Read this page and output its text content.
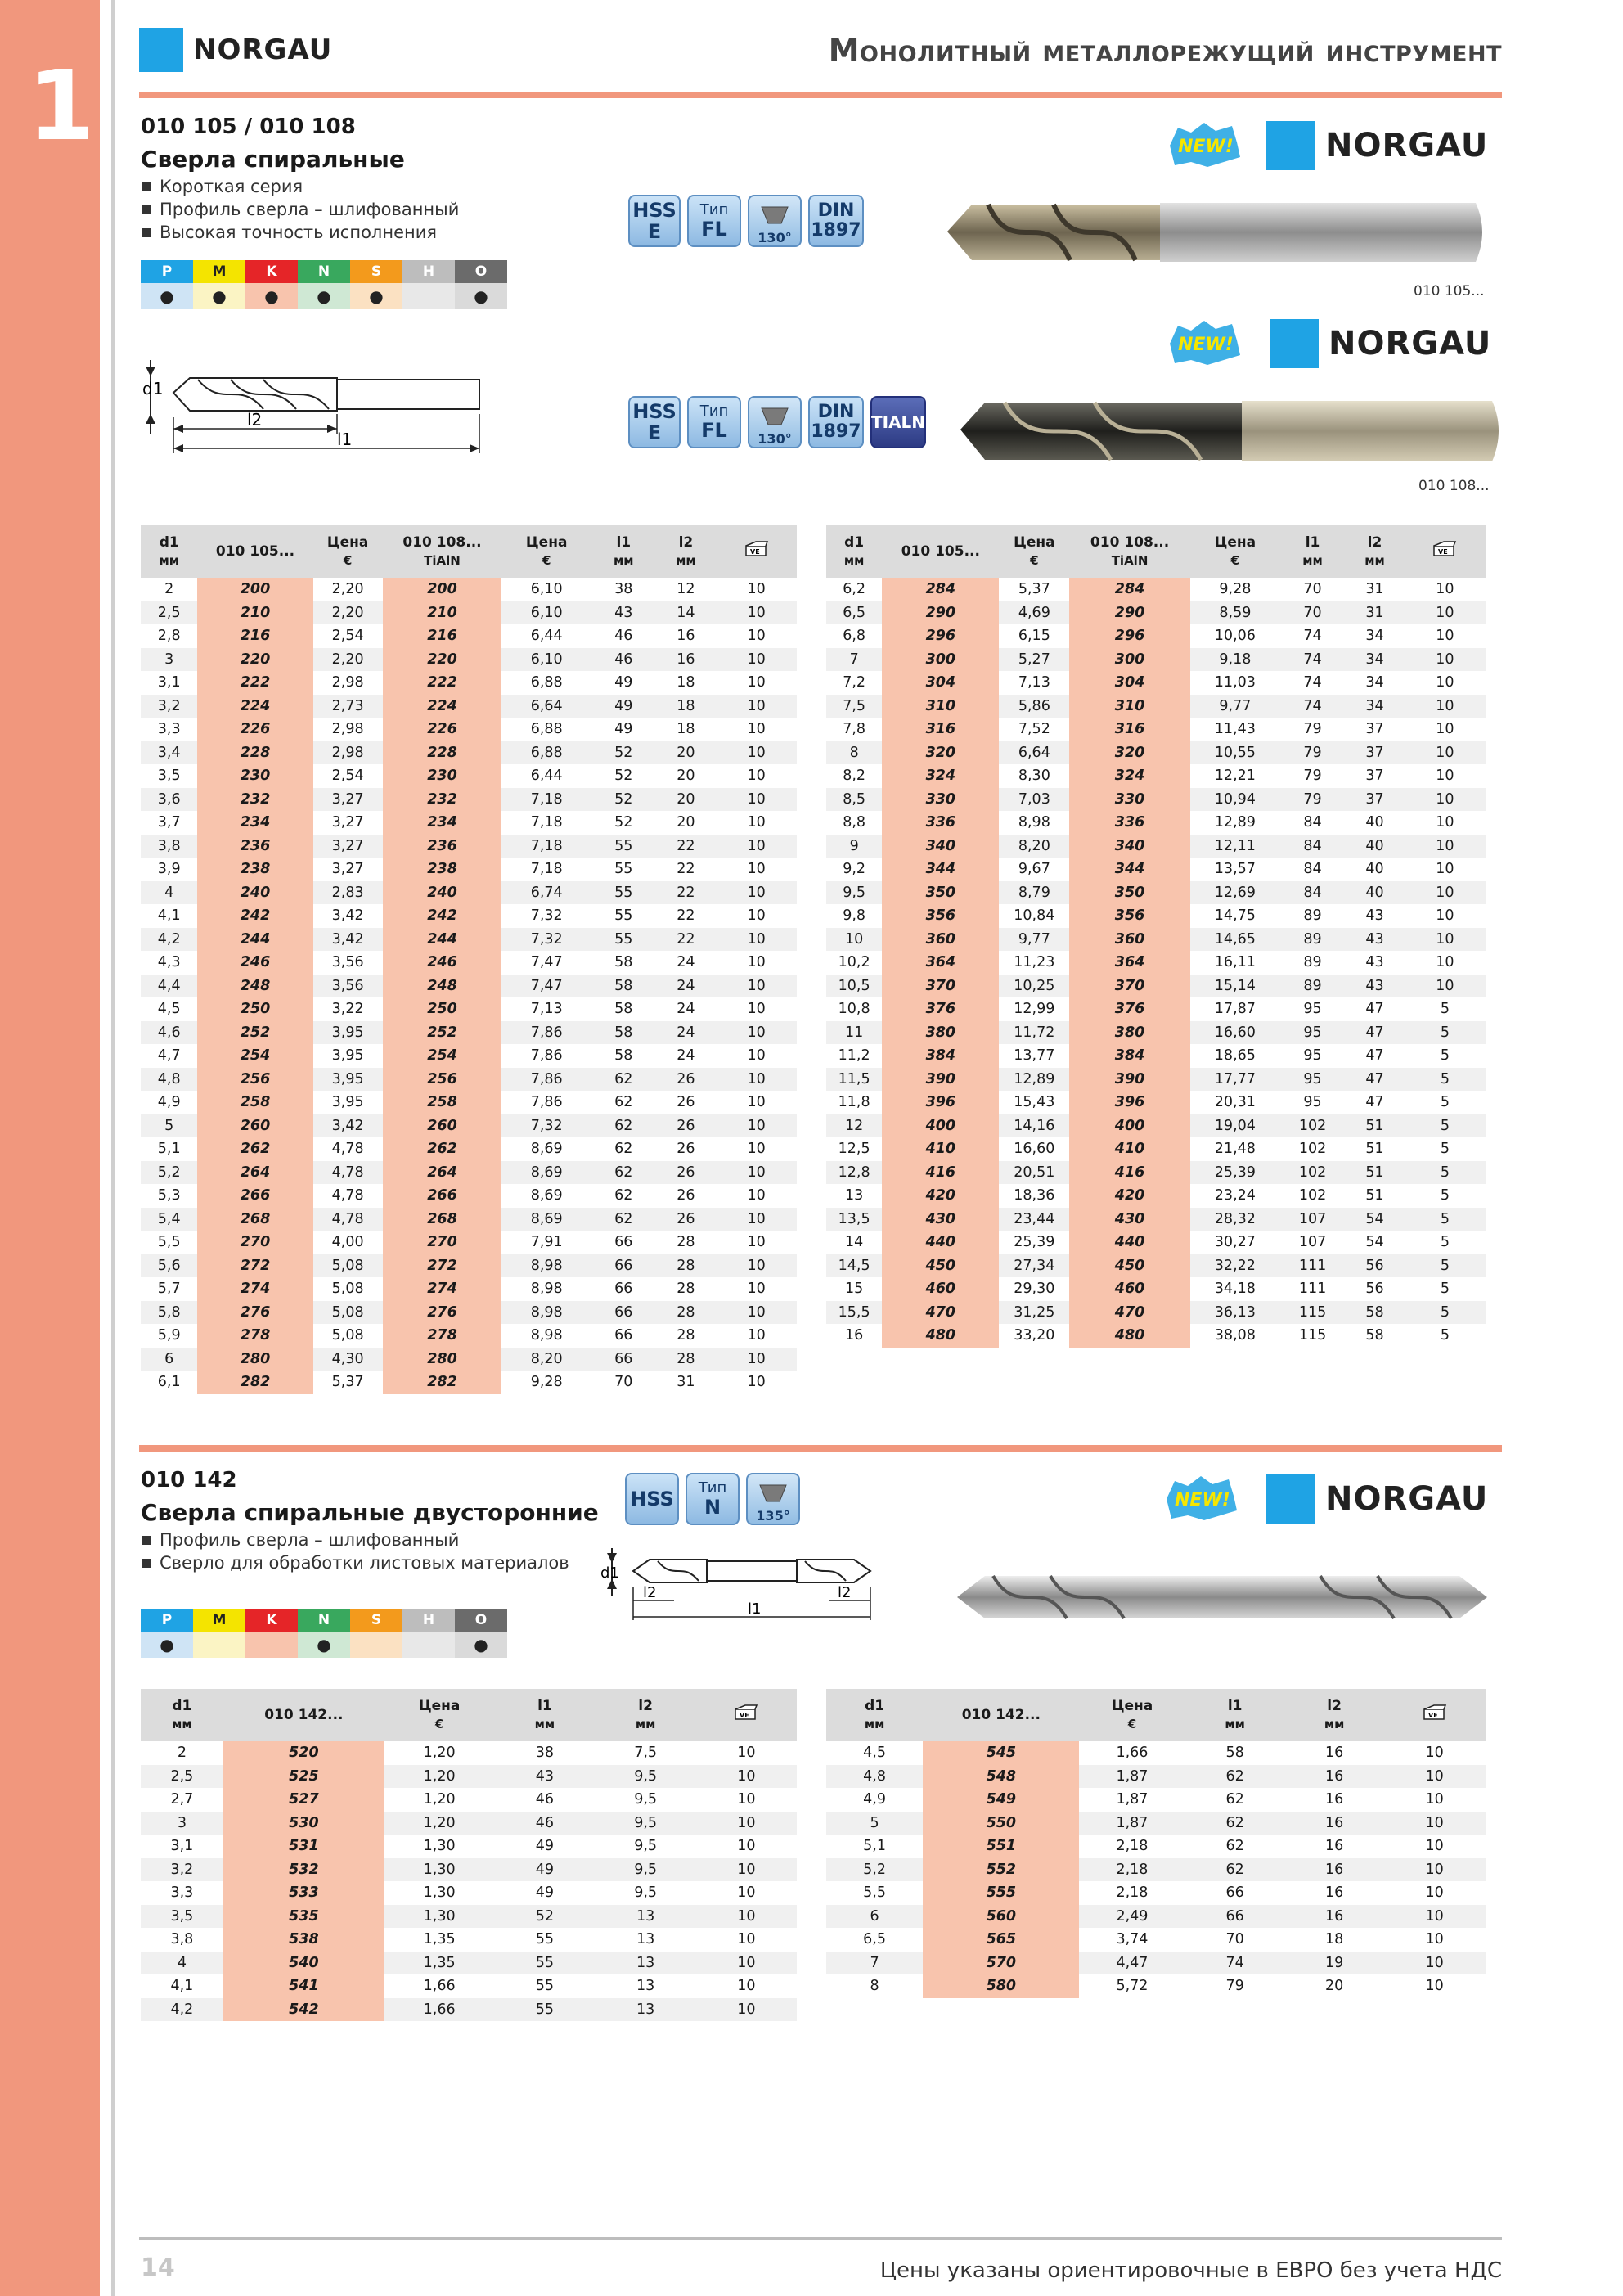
1	NORGAU	Монолитный металлорежущий инструмент
010 105 / 010 108
Сверла спиральные
Короткая серия
Профиль сверла – шлифованный
Высокая точность исполнения
P	M	K	N	S	H	O
●	●	●	●	●		●
d1
l2
l1
HSS
E
Тип
FL 130°
DIN
1897
NEW!	NORGAU
010 105...
HSS
E
Тип
FL 130°
DIN
1897 TIALN
NEW!	NORGAU
010 108...
d1
мм	010 105...	Цена
€	010 108...
TiAlN	Цена
€	l1
мм	l2
мм	VE

2	200	2,20	200	6,10	38	12	10
2,5	210	2,20	210	6,10	43	14	10
2,8	216	2,54	216	6,44	46	16	10
3	220	2,20	220	6,10	46	16	10
3,1	222	2,98	222	6,88	49	18	10
3,2	224	2,73	224	6,64	49	18	10
3,3	226	2,98	226	6,88	49	18	10
3,4	228	2,98	228	6,88	52	20	10
3,5	230	2,54	230	6,44	52	20	10
3,6	232	3,27	232	7,18	52	20	10
3,7	234	3,27	234	7,18	52	20	10
3,8	236	3,27	236	7,18	55	22	10
3,9	238	3,27	238	7,18	55	22	10
4	240	2,83	240	6,74	55	22	10
4,1	242	3,42	242	7,32	55	22	10
4,2	244	3,42	244	7,32	55	22	10
4,3	246	3,56	246	7,47	58	24	10
4,4	248	3,56	248	7,47	58	24	10
4,5	250	3,22	250	7,13	58	24	10
4,6	252	3,95	252	7,86	58	24	10
4,7	254	3,95	254	7,86	58	24	10
4,8	256	3,95	256	7,86	62	26	10
4,9	258	3,95	258	7,86	62	26	10
5	260	3,42	260	7,32	62	26	10
5,1	262	4,78	262	8,69	62	26	10
5,2	264	4,78	264	8,69	62	26	10
5,3	266	4,78	266	8,69	62	26	10
5,4	268	4,78	268	8,69	62	26	10
5,5	270	4,00	270	7,91	66	28	10
5,6	272	5,08	272	8,98	66	28	10
5,7	274	5,08	274	8,98	66	28	10
5,8	276	5,08	276	8,98	66	28	10
5,9	278	5,08	278	8,98	66	28	10
6	280	4,30	280	8,20	66	28	10
6,1	282	5,37	282	9,28	70	31	10
d1
мм	010 105...	Цена
€	010 108...
TiAlN	Цена
€	l1
мм	l2
мм	VE

6,2	284	5,37	284	9,28	70	31	10
6,5	290	4,69	290	8,59	70	31	10
6,8	296	6,15	296	10,06	74	34	10
7	300	5,27	300	9,18	74	34	10
7,2	304	7,13	304	11,03	74	34	10
7,5	310	5,86	310	9,77	74	34	10
7,8	316	7,52	316	11,43	79	37	10
8	320	6,64	320	10,55	79	37	10
8,2	324	8,30	324	12,21	79	37	10
8,5	330	7,03	330	10,94	79	37	10
8,8	336	8,98	336	12,89	84	40	10
9	340	8,20	340	12,11	84	40	10
9,2	344	9,67	344	13,57	84	40	10
9,5	350	8,79	350	12,69	84	40	10
9,8	356	10,84	356	14,75	89	43	10
10	360	9,77	360	14,65	89	43	10
10,2	364	11,23	364	16,11	89	43	10
10,5	370	10,25	370	15,14	89	43	10
10,8	376	12,99	376	17,87	95	47	5
11	380	11,72	380	16,60	95	47	5
11,2	384	13,77	384	18,65	95	47	5
11,5	390	12,89	390	17,77	95	47	5
11,8	396	15,43	396	20,31	95	47	5
12	400	14,16	400	19,04	102	51	5
12,5	410	16,60	410	21,48	102	51	5
12,8	416	20,51	416	25,39	102	51	5
13	420	18,36	420	23,24	102	51	5
13,5	430	23,44	430	28,32	107	54	5
14	440	25,39	440	30,27	107	54	5
14,5	450	27,34	450	32,22	111	56	5
15	460	29,30	460	34,18	111	56	5
15,5	470	31,25	470	36,13	115	58	5
16	480	33,20	480	38,08	115	58	5
010 142
Сверла спиральные двусторонние
Профиль сверла – шлифованный
Сверло для обработки листовых материалов
P	M	K	N	S	H	O
●			●			●
HSS Тип
N	135°
d1
l2	l2
l1
NEW!	NORGAU
d1
мм	010 142...	Цена
€	l1
мм	l2
мм	VE

2	520	1,20	38	7,5	10
2,5	525	1,20	43	9,5	10
2,7	527	1,20	46	9,5	10
3	530	1,20	46	9,5	10
3,1	531	1,30	49	9,5	10
3,2	532	1,30	49	9,5	10
3,3	533	1,30	49	9,5	10
3,5	535	1,30	52	13	10
3,8	538	1,35	55	13	10
4	540	1,35	55	13	10
4,1	541	1,66	55	13	10
4,2	542	1,66	55	13	10
d1
мм	010 142...	Цена
€	l1
мм	l2
мм	VE

4,5	545	1,66	58	16	10
4,8	548	1,87	62	16	10
4,9	549	1,87	62	16	10
5	550	1,87	62	16	10
5,1	551	2,18	62	16	10
5,2	552	2,18	62	16	10
5,5	555	2,18	66	16	10
6	560	2,49	66	16	10
6,5	565	3,74	70	18	10
7	570	4,47	74	19	10
8	580	5,72	79	20	10
14	Цены указаны ориентировочные в ЕВРО без учета НДС
